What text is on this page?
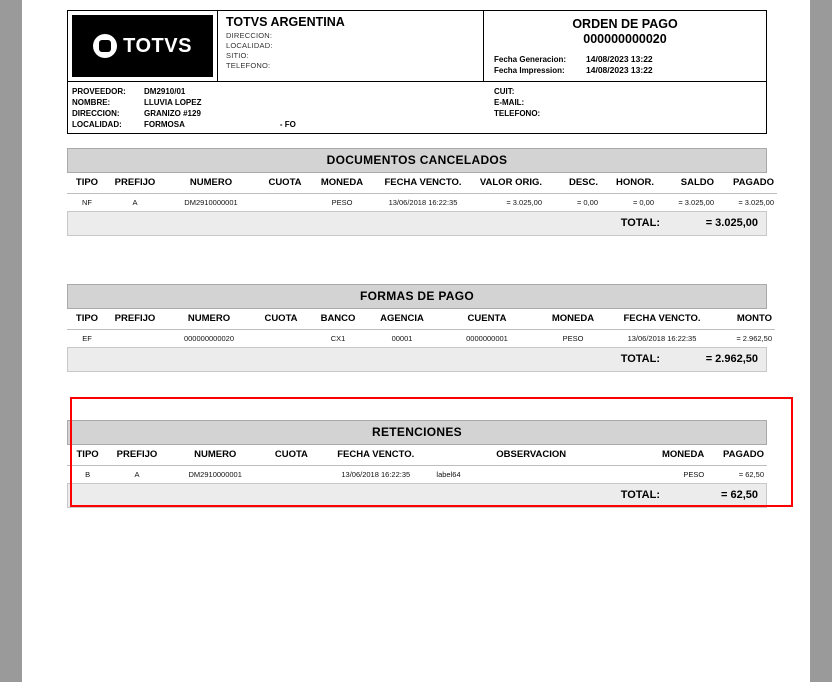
TOTVS
TOTVS ARGENTINA
DIRECCION:
LOCALIDAD:
SITIO:
TELEFONO:
ORDEN DE PAGO
000000000020
Fecha Generacion:	14/08/2023 13:22
Fecha Impression:	14/08/2023 13:22
PROVEEDOR:	DM2910/01
NOMBRE:	LLUVIA LOPEZ
DIRECCION:	GRANIZO #129
LOCALIDAD:	FORMOSA	- FO
CUIT:
E-MAIL:
TELEFONO:
DOCUMENTOS CANCELADOS
TIPO	PREFIJO	NUMERO	CUOTA	MONEDA	FECHA VENCTO.	VALOR ORIG.	DESC.	HONOR.	SALDO	PAGADO
NF	A	DM2910000001		PESO	13/06/2018 16:22:35	= 3.025,00	= 0,00	= 0,00	= 3.025,00	= 3.025,00
TOTAL:	= 3.025,00
FORMAS DE PAGO
TIPO	PREFIJO	NUMERO	CUOTA	BANCO	AGENCIA	CUENTA	MONEDA	FECHA VENCTO.	MONTO
EF		000000000020		CX1	00001	0000000001	PESO	13/06/2018 16:22:35	= 2.962,50
TOTAL:	= 2.962,50
RETENCIONES
TIPO	PREFIJO	NUMERO	CUOTA	FECHA VENCTO.	OBSERVACION	MONEDA	PAGADO
B	A	DM2910000001		13/06/2018 16:22:35	label64	PESO	= 62,50
TOTAL:	= 62,50
